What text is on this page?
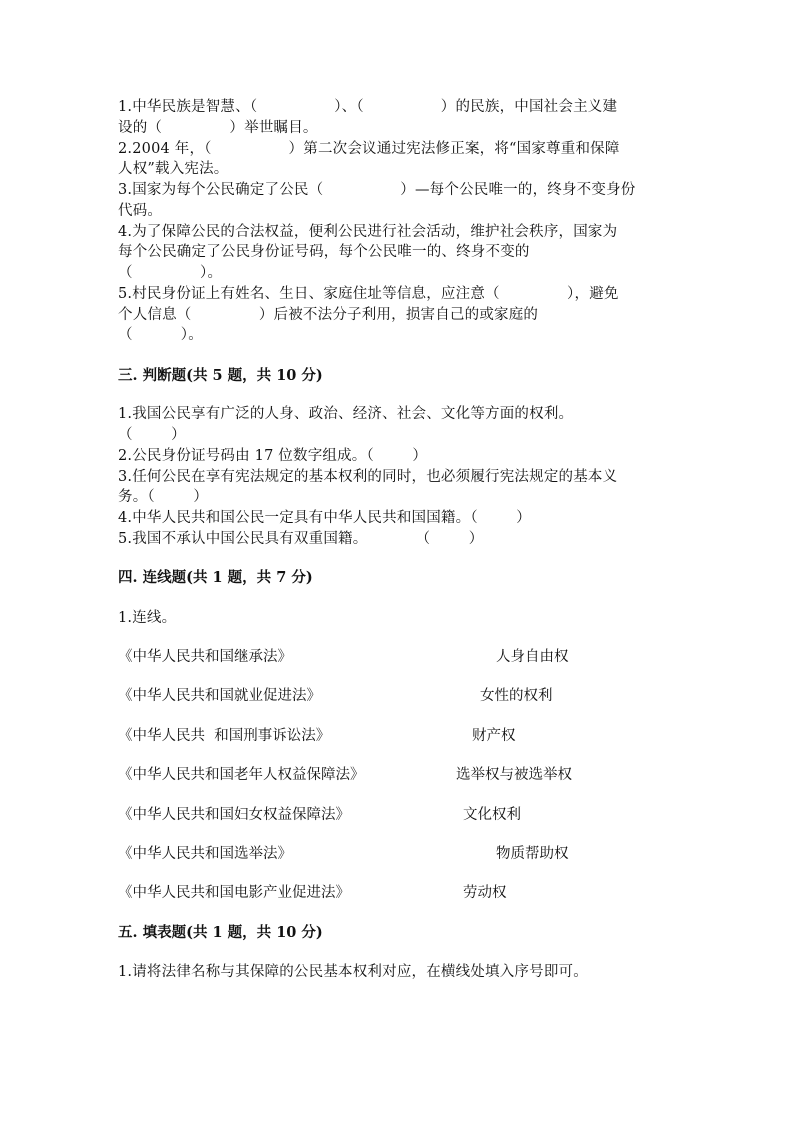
1.中华民族是智慧、（                ）、（                ）的民族，中国社会主义建
设的（              ）举世瞩目。
2.2004 年，（                ）第二次会议通过宪法修正案，将“国家尊重和保障
人权”载入宪法。
3.国家为每个公民确定了公民（                ）—每个公民唯一的，终身不变身份
代码。
4.为了保障公民的合法权益，便利公民进行社会活动，维护社会秩序，国家为
每个公民确定了公民身份证号码，每个公民唯一的、终身不变的
（              ）。
5.村民身份证上有姓名、生日、家庭住址等信息，应注意（              ），避免
个人信息（              ）后被不法分子利用，损害自己的或家庭的
（          ）。
三. 判断题(共 5 题，共 10 分)
1.我国公民享有广泛的人身、政治、经济、社会、文化等方面的权利。
（        ）
2.公民身份证号码由 17 位数字组成。（        ）
3.任何公民在享有宪法规定的基本权利的同时，也必须履行宪法规定的基本义
务。（        ）
4.中华人民共和国公民一定具有中华人民共和国国籍。（        ）
5.我国不承认中国公民具有双重国籍。          （        ）
四. 连线题(共 1 题，共 7 分)
1.连线。
《中华人民共和国继承法》
《中华人民共和国就业促进法》
《中华人民共  和国刑事诉讼法》
《中华人民共和国老年人权益保障法》
《中华人民共和国妇女权益保障法》
《中华人民共和国选举法》
《中华人民共和国电影产业促进法》
人身自由权
女性的权利
财产权
选举权与被选举权
文化权利
物质帮助权
劳动权
五. 填表题(共 1 题，共 10 分)
1.请将法律名称与其保障的公民基本权利对应，在横线处填入序号即可。
